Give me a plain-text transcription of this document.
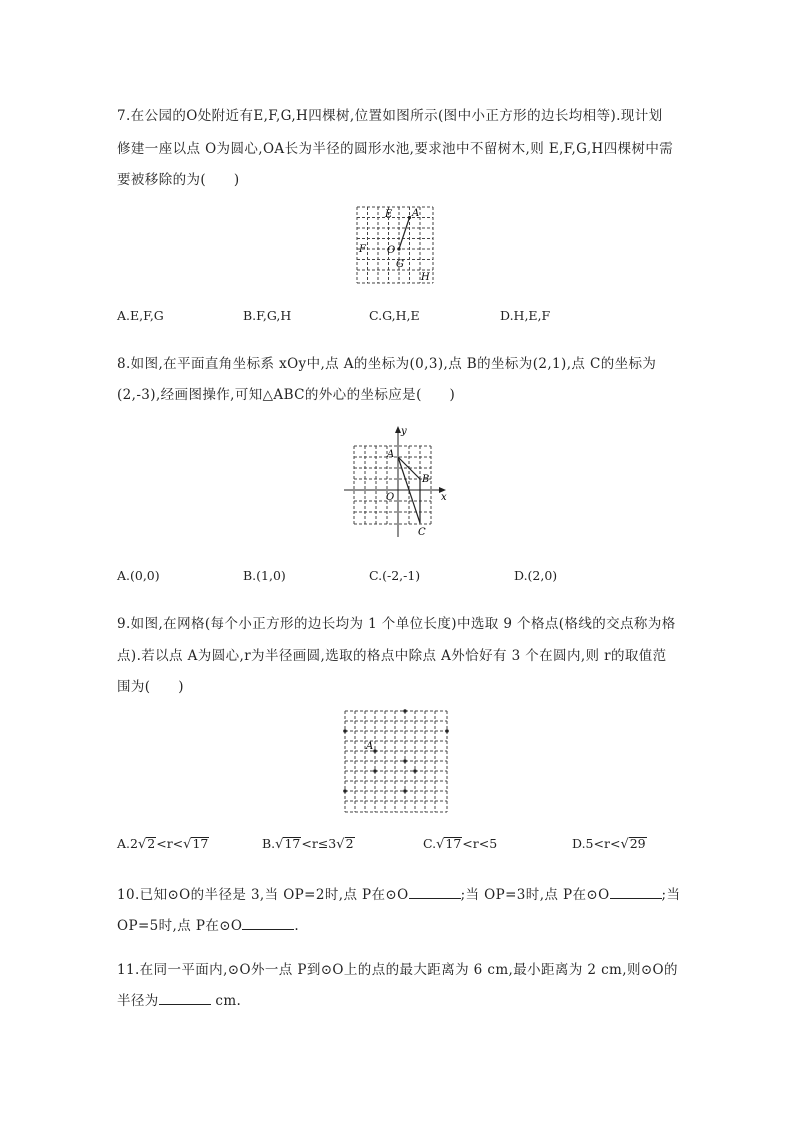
7.在公园的O处附近有E,F,G,H四棵树,位置如图所示(图中小正方形的边长均相等).现计划
修建一座以点 O为圆心,OA长为半径的圆形水池,要求池中不留树木,则 E,F,G,H四棵树中需
要被移除的为(　　)
E A
F O
G
H
A.E,F,G	B.F,G,H	C.G,H,E	D.H,E,F
8.如图,在平面直角坐标系 xOy中,点 A的坐标为(0,3),点 B的坐标为(2,1),点 C的坐标为
(2,-3),经画图操作,可知△ABC的外心的坐标应是(　　)
y
x
A
B
O
C
A.(0,0)	B.(1,0)	C.(-2,-1)	D.(2,0)
9.如图,在网格(每个小正方形的边长均为 1 个单位长度)中选取 9 个格点(格线的交点称为格
点).若以点 A为圆心,r为半径画圆,选取的格点中除点 A外恰好有 3 个在圆内,则 r的取值范
围为(　　)
A
A.2√2<r<√17	B.√17<r≤3√2	C.√17<r<5	D.5<r<√29
10.已知⊙O的半径是 3,当 OP=2时,点 P在⊙O	;当 OP=3时,点 P在⊙O	;当
OP=5时,点 P在⊙O	.
11.在同一平面内,⊙O外一点 P到⊙O上的点的最大距离为 6 cm,最小距离为 2 cm,则⊙O的
半径为	cm.
